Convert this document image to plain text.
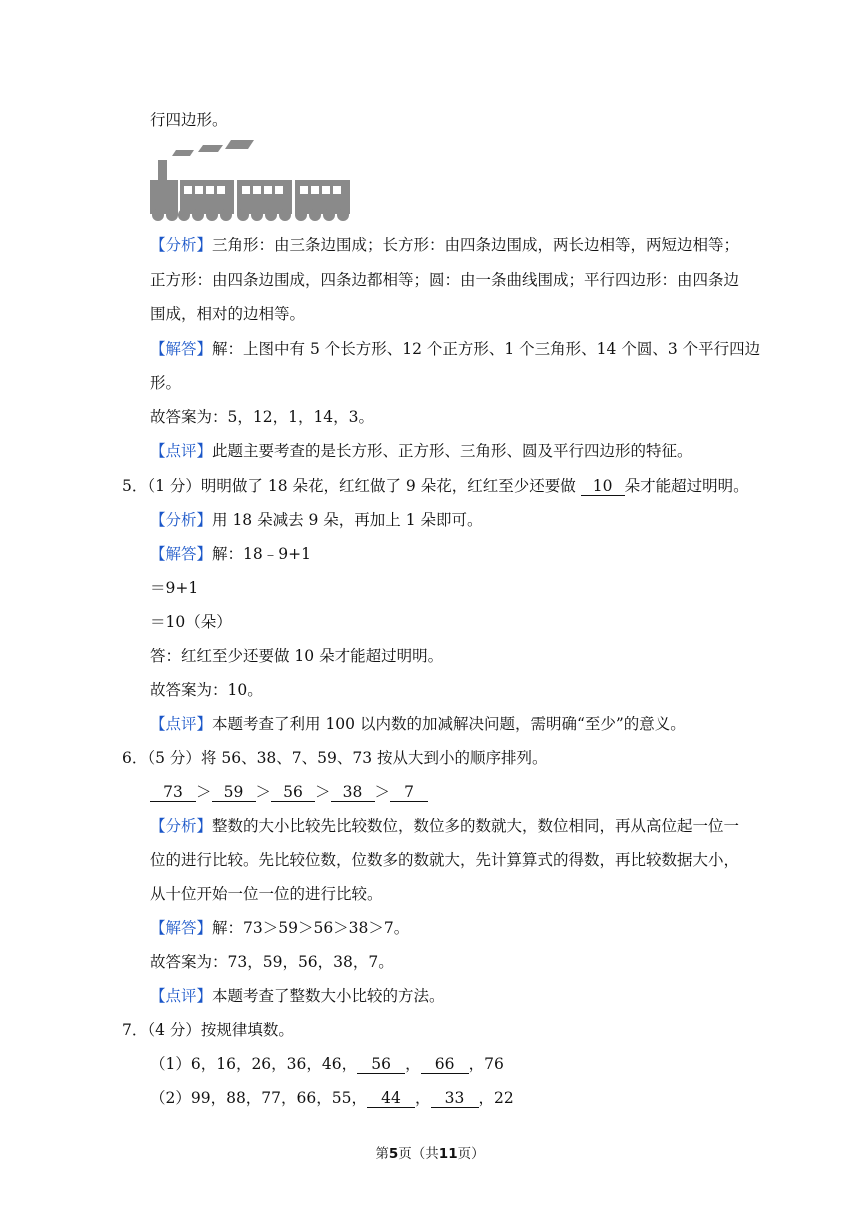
行四边形。
【分析】三角形：由三条边围成；长方形：由四条边围成，两长边相等，两短边相等；
正方形：由四条边围成，四条边都相等；圆：由一条曲线围成；平行四边形：由四条边
围成，相对的边相等。
【解答】解：上图中有 5 个长方形、12 个正方形、1 个三角形、14 个圆、3 个平行四边
形。
故答案为：5，12，1，14，3。
【点评】此题主要考查的是长方形、正方形、三角形、圆及平行四边形的特征。
5．（1 分）明明做了 18 朵花，红红做了 9 朵花，红红至少还要做 10 朵才能超过明明。
【分析】用 18 朵减去 9 朵，再加上 1 朵即可。
【解答】解：18﹣9+1
＝9+1
＝10（朵）
答：红红至少还要做 10 朵才能超过明明。
故答案为：10。
【点评】本题考查了利用 100 以内数的加减解决问题，需明确“至少”的意义。
6．（5 分）将 56、38、7、59、73 按从大到小的顺序排列。
73 ＞ 59 ＞ 56 ＞ 38 ＞ 7
【分析】整数的大小比较先比较数位，数位多的数就大，数位相同，再从高位起一位一
位的进行比较。先比较位数，位数多的数就大，先计算算式的得数，再比较数据大小，
从十位开始一位一位的进行比较。
【解答】解：73＞59＞56＞38＞7。
故答案为：73，59，56，38，7。
【点评】本题考查了整数大小比较的方法。
7．（4 分）按规律填数。
（1）6，16，26，36，46， 56 ， 66 ，76
（2）99，88，77，66，55， 44 ， 33 ，22
第5页（共11页）
